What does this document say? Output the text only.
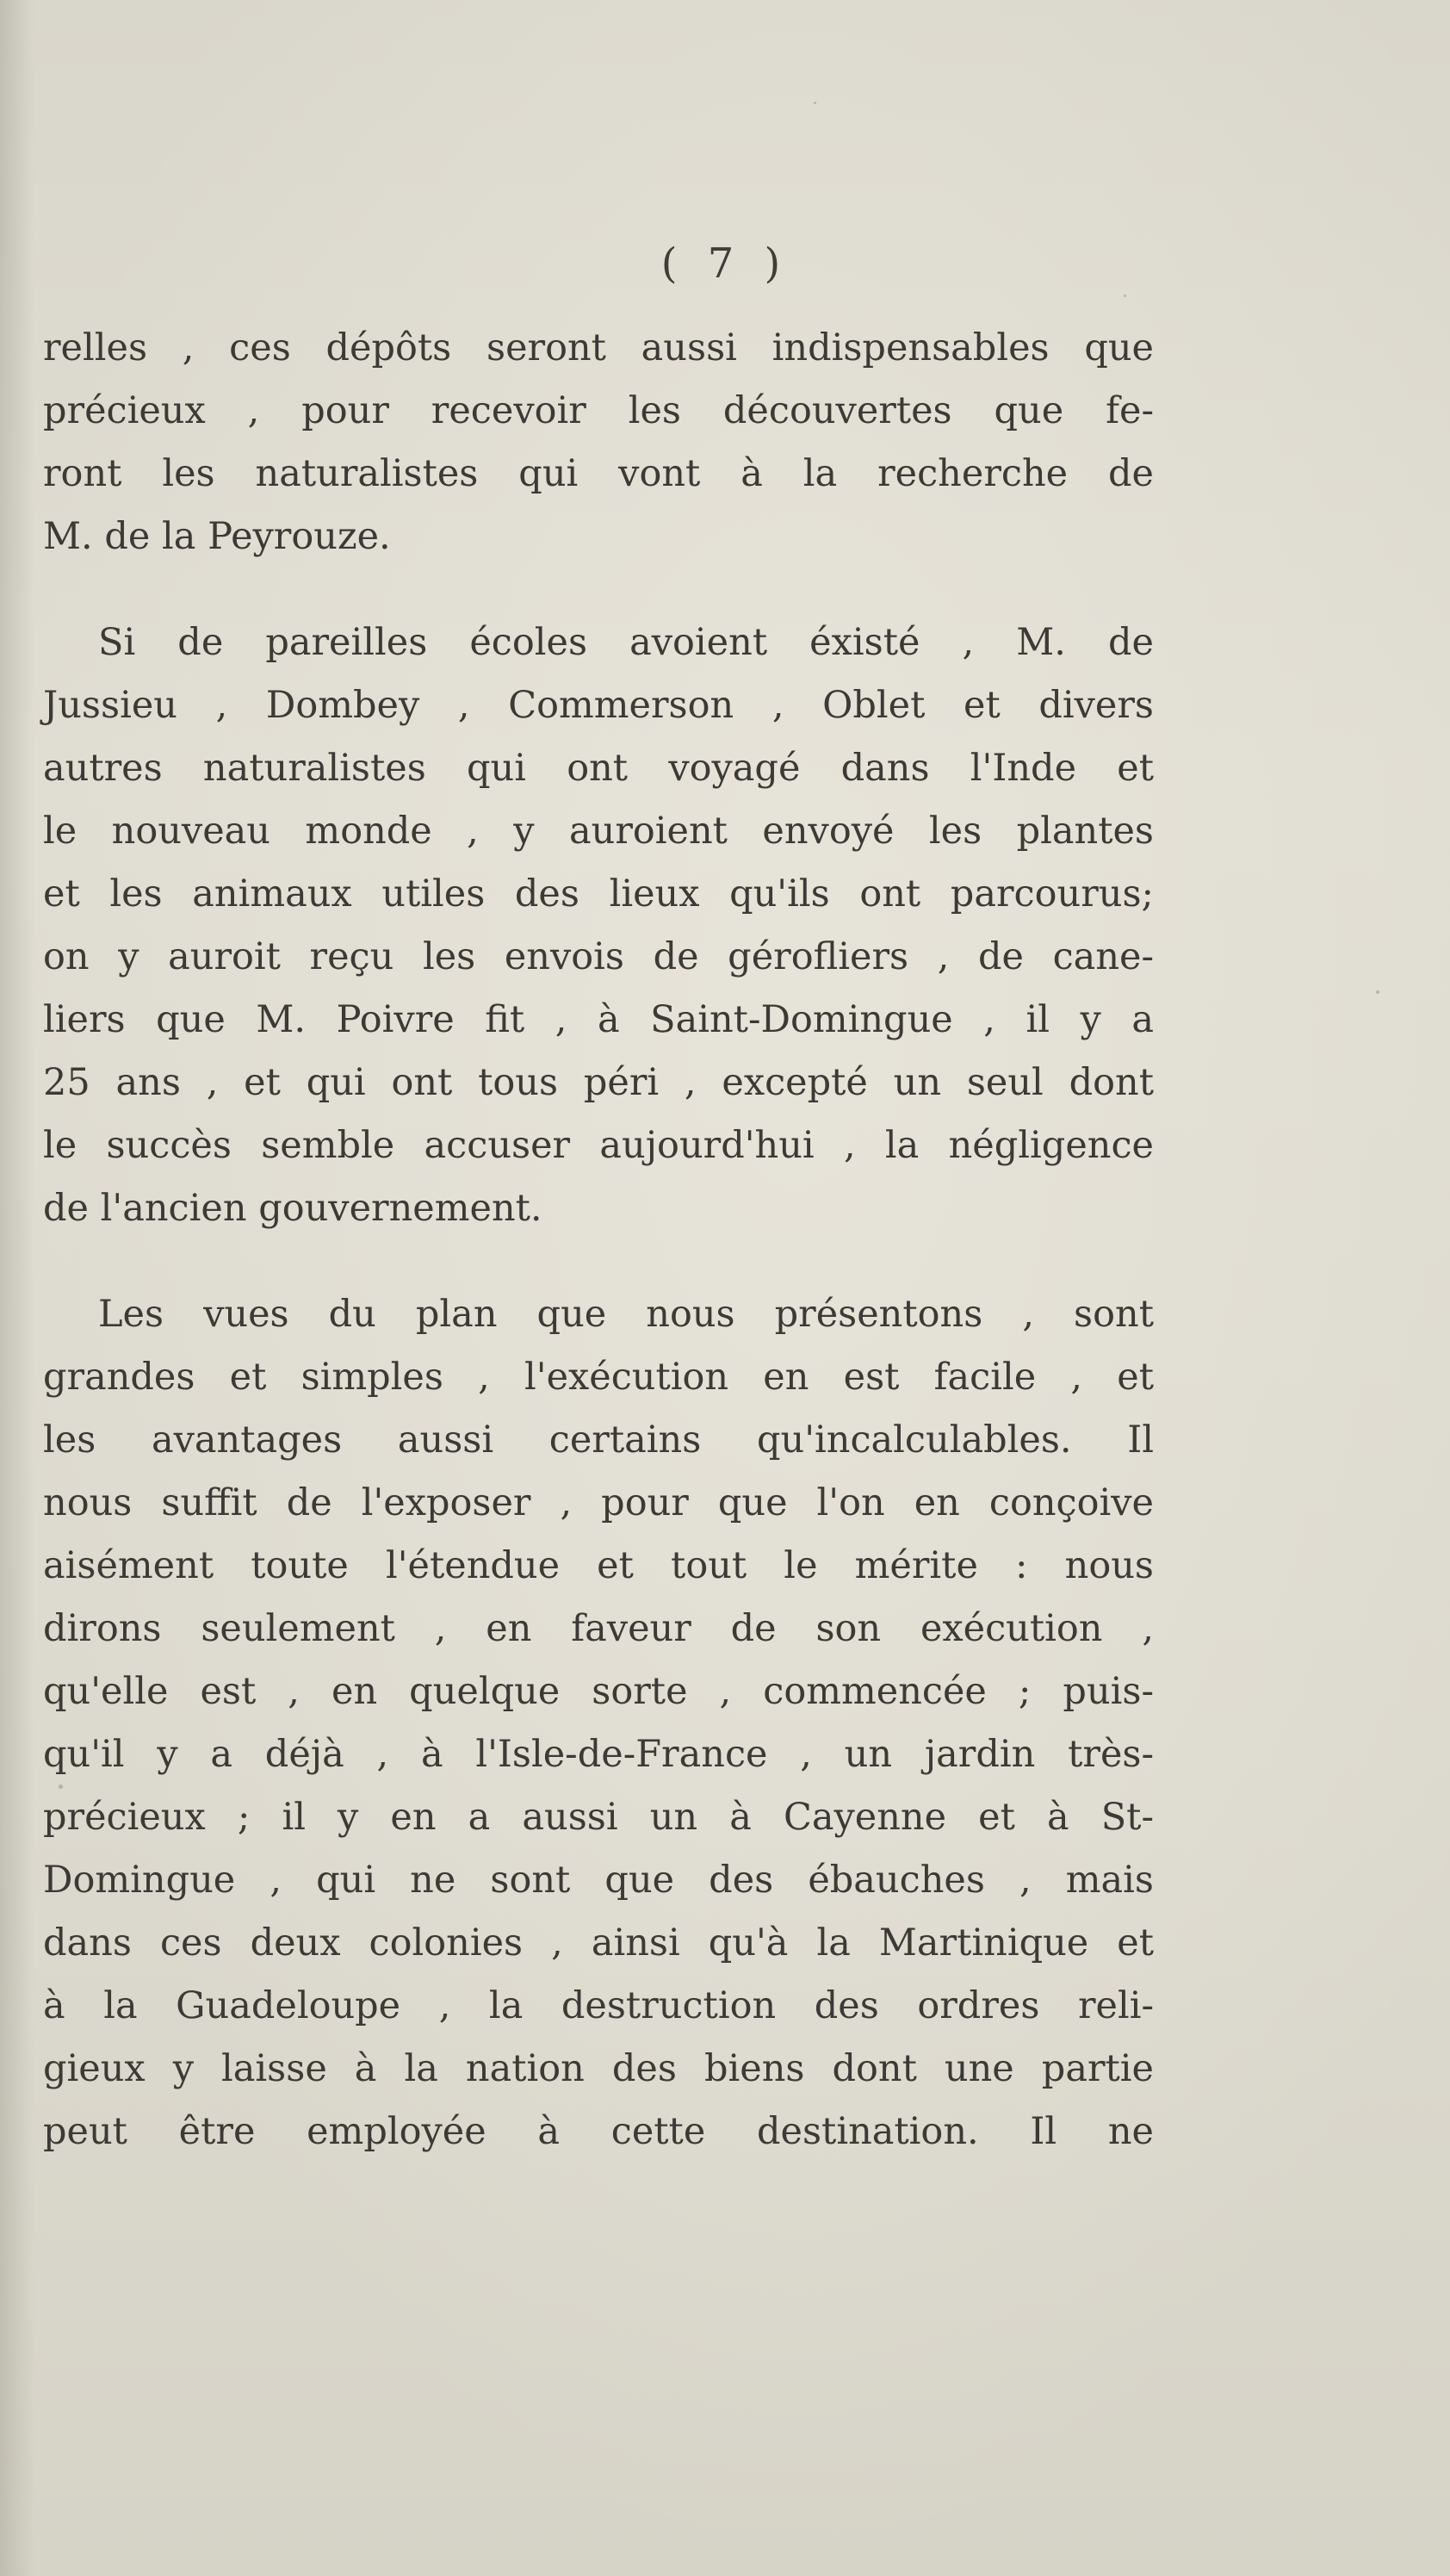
( 7 )
relles , ces dépôts seront aussi indispensables que
précieux , pour recevoir les découvertes que fe-
ront les naturalistes qui vont à la recherche de
M. de la Peyrouze.
Si de pareilles écoles avoient éxisté , M. de
Jussieu , Dombey , Commerson , Oblet et divers
autres naturalistes qui ont voyagé dans l'Inde et
le nouveau monde , y auroient envoyé les plantes
et les animaux utiles des lieux qu'ils ont parcourus;
on y auroit reçu les envois de gérofliers , de cane-
liers que M. Poivre fit , à Saint-Domingue , il y a
25 ans , et qui ont tous péri , excepté un seul dont
le succès semble accuser aujourd'hui , la négligence
de l'ancien gouvernement.
Les vues du plan que nous présentons , sont
grandes et simples , l'exécution en est facile , et
les avantages aussi certains qu'incalculables. Il
nous suffit de l'exposer , pour que l'on en conçoive
aisément toute l'étendue et tout le mérite : nous
dirons seulement , en faveur de son exécution ,
qu'elle est , en quelque sorte , commencée ; puis-
qu'il y a déjà , à l'Isle-de-France , un jardin très-
précieux ; il y en a aussi un à Cayenne et à St-
Domingue , qui ne sont que des ébauches , mais
dans ces deux colonies , ainsi qu'à la Martinique et
à la Guadeloupe , la destruction des ordres reli-
gieux y laisse à la nation des biens dont une partie
peut être employée à cette destination. Il ne
